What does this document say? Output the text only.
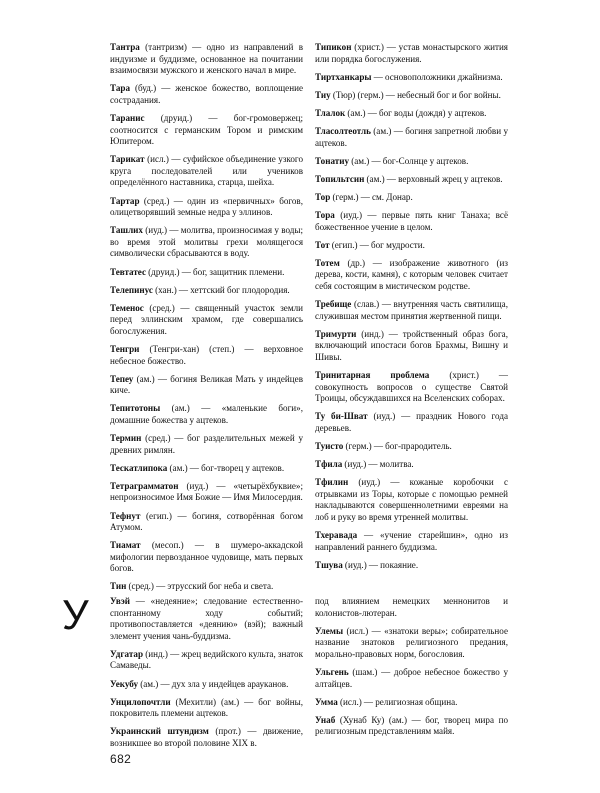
Тантра (тантризм) — одно из направлений в индуизме и буддизме, основанное на почитании взаимосвязи мужского и женского начал в мире.

Тара (буд.) — женское божество, воплощение сострадания.

Таранис (друид.) — бог-громовержец; соотносится с германским Тором и римским Юпитером.

Тарикат (исл.) — суфийское объединение узкого круга последователей или учеников определённого наставника, старца, шейха.

Тартар (сред.) — один из «первичных» богов, олицетворявший земные недра у эллинов.

Ташлих (иуд.) — молитва, произносимая у воды; во время этой молитвы грехи молящегося символически сбрасываются в воду.

Тевтатес (друид.) — бог, защитник племени.

Телепинус (хан.) — хеттский бог плодородия.

Теменос (сред.) — священный участок земли перед эллинским храмом, где совершались богослужения.

Тенгри (Тенгри-хан) (степ.) — верховное небесное божество.

Тепеу (ам.) — богиня Великая Мать у индейцев киче.

Тепитотоны (ам.) — «маленькие боги», домашние божества у ацтеков.

Термин (сред.) — бог разделительных межей у древних римлян.

Тескатлипока (ам.) — бог-творец у ацтеков.

Тетраграмматон (иуд.) — «четырёхбуквие»; непроизносимое Имя Божие — Имя Милосердия.

Тефнут (егип.) — богиня, сотворённая богом Атумом.

Тиамат (месоп.) — в шумеро-аккадской мифологии первозданное чудовище, мать первых богов.

Тин (сред.) — этрусский бог неба и света.

Типикон (христ.) — устав монастырского жития или порядка богослужения.

Тиртханкары — основоположники джайнизма.

Тиу (Тюр) (герм.) — небесный бог и бог войны.

Тлалок (ам.) — бог воды (дождя) у ацтеков.

Тласолтеотль (ам.) — богиня запретной любви у ацтеков.

Тонатиу (ам.) — бог-Солнце у ацтеков.

Топильтсин (ам.) — верховный жрец у ацтеков.

Тор (герм.) — см. Донар.

Тора (иуд.) — первые пять книг Танаха; всё божественное учение в целом.

Тот (егип.) — бог мудрости.

Тотем (др.) — изображение животного (из дерева, кости, камня), с которым человек считает себя состоящим в мистическом родстве.

Требище (слав.) — внутренняя часть святилища, служившая местом принятия жертвенной пищи.

Тримурти (инд.) — тройственный образ бога, включающий ипостаси богов Брахмы, Вишну и Шивы.

Тринитарная проблема (христ.) — совокупность вопросов о существе Святой Троицы, обсуждавшихся на Вселенских соборах.

Ту би-Шват (иуд.) — праздник Нового года деревьев.

Туисто (герм.) — бог-прародитель.

Тфила (иуд.) — молитва.

Тфилин (иуд.) — кожаные коробочки с отрывками из Торы, которые с помощью ремней накладываются совершеннолетними евреями на лоб и руку во время утренней молитвы.

Тхеравада — «учение старейшин», одно из направлений раннего буддизма.

Тшува (иуд.) — покаяние.

У Увэй — «недеяние»; следование естественно-спонтанному ходу событий; противопоставляется «деянию» (вэй); важный элемент учения чань-буддизма.

Удгатар (инд.) — жрец ведийского культа, знаток Самаведы.

Уекубу (ам.) — дух зла у индейцев арауканов.

Унцилопочтли (Мехитли) (ам.) — бог войны, покровитель племени ацтеков.

Украинский штундизм (прот.) — движение, возникшее во второй половине XIX в.

под влиянием немецких меннонитов и колонистов-лютеран.

Улемы (исл.) — «знатоки веры»; собирательное название знатоков религиозного предания, морально-правовых норм, богословия.

Ульгень (шам.) — доброе небесное божество у алтайцев.

Умма (исл.) — религиозная община.

Унаб (Хунаб Ку) (ам.) — бог, творец мира по религиозным представлениям майя.

682
